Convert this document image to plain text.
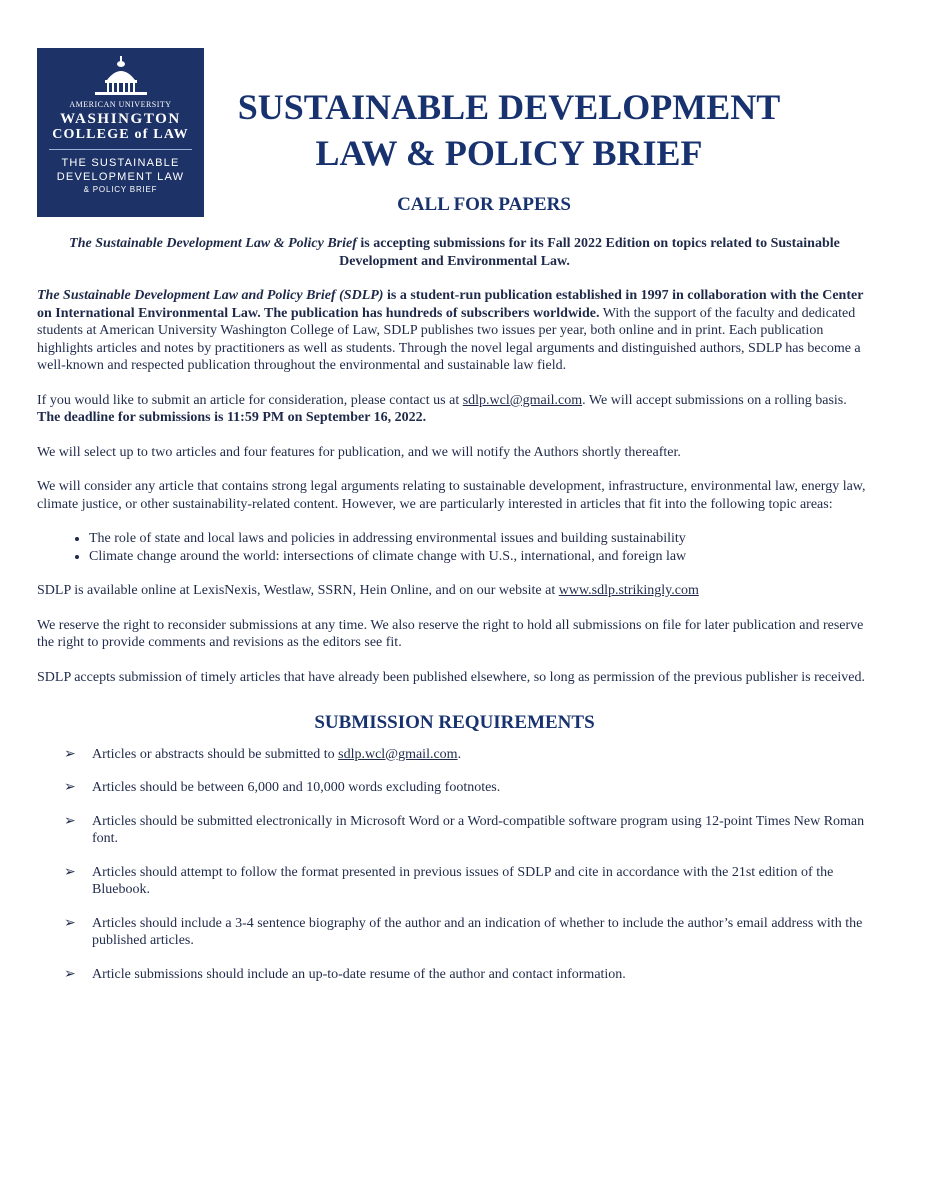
AMERICAN UNIVERSITY
WASHINGTON
COLLEGE of LAW
THE SUSTAINABLE
DEVELOPMENT LAW
& POLICY BRIEF
SUSTAINABLE DEVELOPMENT
LAW & POLICY BRIEF
CALL FOR PAPERS

The Sustainable Development Law & Policy Brief is accepting submissions for its Fall 2022 Edition on topics related to Sustainable Development and Environmental Law.

The Sustainable Development Law and Policy Brief (SDLP) is a student-run publication established in 1997 in collaboration with the Center on International Environmental Law. The publication has hundreds of subscribers worldwide. With the support of the faculty and dedicated students at American University Washington College of Law, SDLP publishes two issues per year, both online and in print. Each publication highlights articles and notes by practitioners as well as students. Through the novel legal arguments and distinguished authors, SDLP has become a well-known and respected publication throughout the environmental and sustainable law field.

If you would like to submit an article for consideration, please contact us at sdlp.wcl@gmail.com. We will accept submissions on a rolling basis. The deadline for submissions is 11:59 PM on September 16, 2022.

We will select up to two articles and four features for publication, and we will notify the Authors shortly thereafter.

We will consider any article that contains strong legal arguments relating to sustainable development, infrastructure, environmental law, energy law, climate justice, or other sustainability-related content. However, we are particularly interested in articles that fit into the following topic areas:

• The role of state and local laws and policies in addressing environmental issues and building sustainability
• Climate change around the world: intersections of climate change with U.S., international, and foreign law

SDLP is available online at LexisNexis, Westlaw, SSRN, Hein Online, and on our website at www.sdlp.strikingly.com

We reserve the right to reconsider submissions at any time. We also reserve the right to hold all submissions on file for later publication and reserve the right to provide comments and revisions as the editors see fit.

SDLP accepts submission of timely articles that have already been published elsewhere, so long as permission of the previous publisher is received.

SUBMISSION REQUIREMENTS
➢	Articles or abstracts should be submitted to sdlp.wcl@gmail.com.
➢	Articles should be between 6,000 and 10,000 words excluding footnotes.
➢	Articles should be submitted electronically in Microsoft Word or a Word-compatible software program using 12-point Times New Roman font.
➢	Articles should attempt to follow the format presented in previous issues of SDLP and cite in accordance with the 21st edition of the Bluebook.
➢	Articles should include a 3-4 sentence biography of the author and an indication of whether to include the author’s email address with the published articles.
➢	Article submissions should include an up-to-date resume of the author and contact information.
